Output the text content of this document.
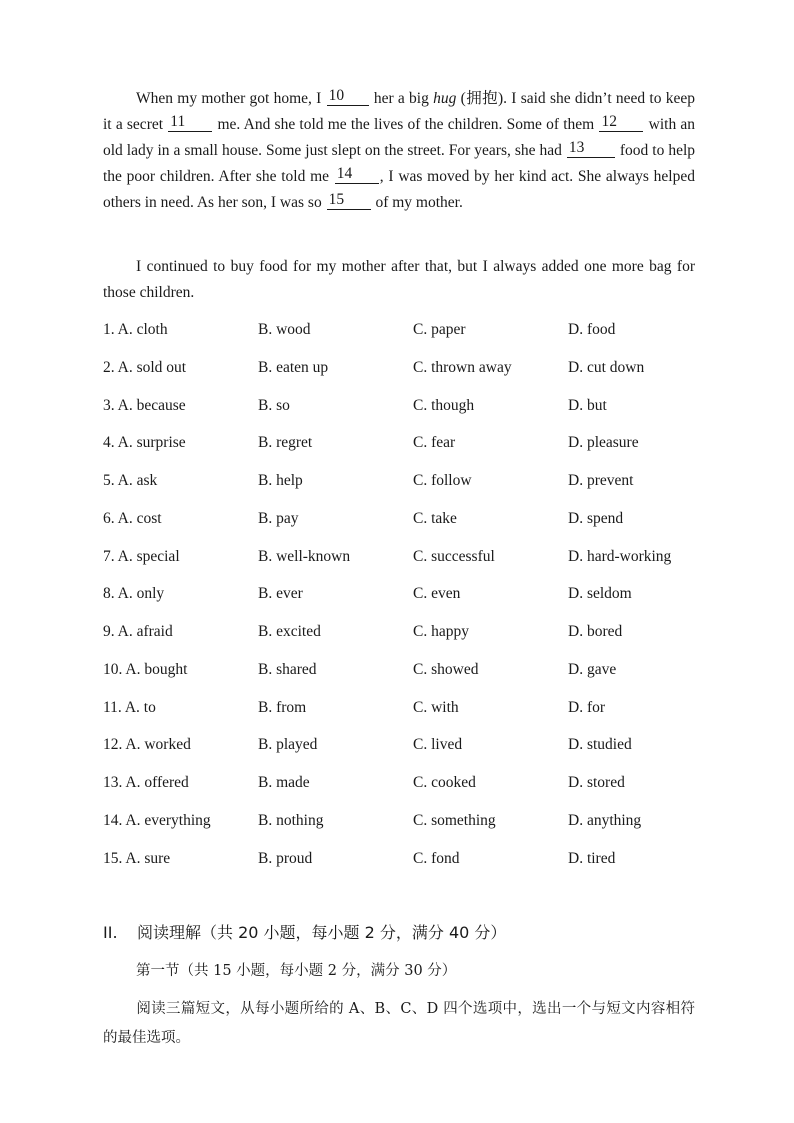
When my mother got home, I 10 her a big hug (拥抱). I said she didn’t need to keep it a secret 11 me. And she told me the lives of the children. Some of them 12 with an old lady in a small house. Some just slept on the street. For years, she had 13 food to help the poor children. After she told me 14 , I was moved by her kind act. She always helped others in need. As her son, I was so 15 of my mother.
I continued to buy food for my mother after that, but I always added one more bag for those children.
1. A. cloth	B. wood	C. paper	D. food
2. A. sold out	B. eaten up	C. thrown away	D. cut down
3. A. because	B. so	C. though	D. but
4. A. surprise	B. regret	C. fear	D. pleasure
5. A. ask	B. help	C. follow	D. prevent
6. A. cost	B. pay	C. take	D. spend
7. A. special	B. well-known	C. successful	D. hard-working
8. A. only	B. ever	C. even	D. seldom
9. A. afraid	B. excited	C. happy	D. bored
10. A. bought	B. shared	C. showed	D. gave
11. A. to	B. from	C. with	D. for
12. A. worked	B. played	C. lived	D. studied
13. A. offered	B. made	C. cooked	D. stored
14. A. everything	B. nothing	C. something	D. anything
15. A. sure	B. proud	C. fond	D. tired
II. 阅读理解（共 20 小题，每小题 2 分，满分 40 分）
第一节（共 15 小题，每小题 2 分，满分 30 分）
阅读三篇短文，从每小题所给的 A、B、C、D 四个选项中，选出一个与短文内容相符的最佳选项。
